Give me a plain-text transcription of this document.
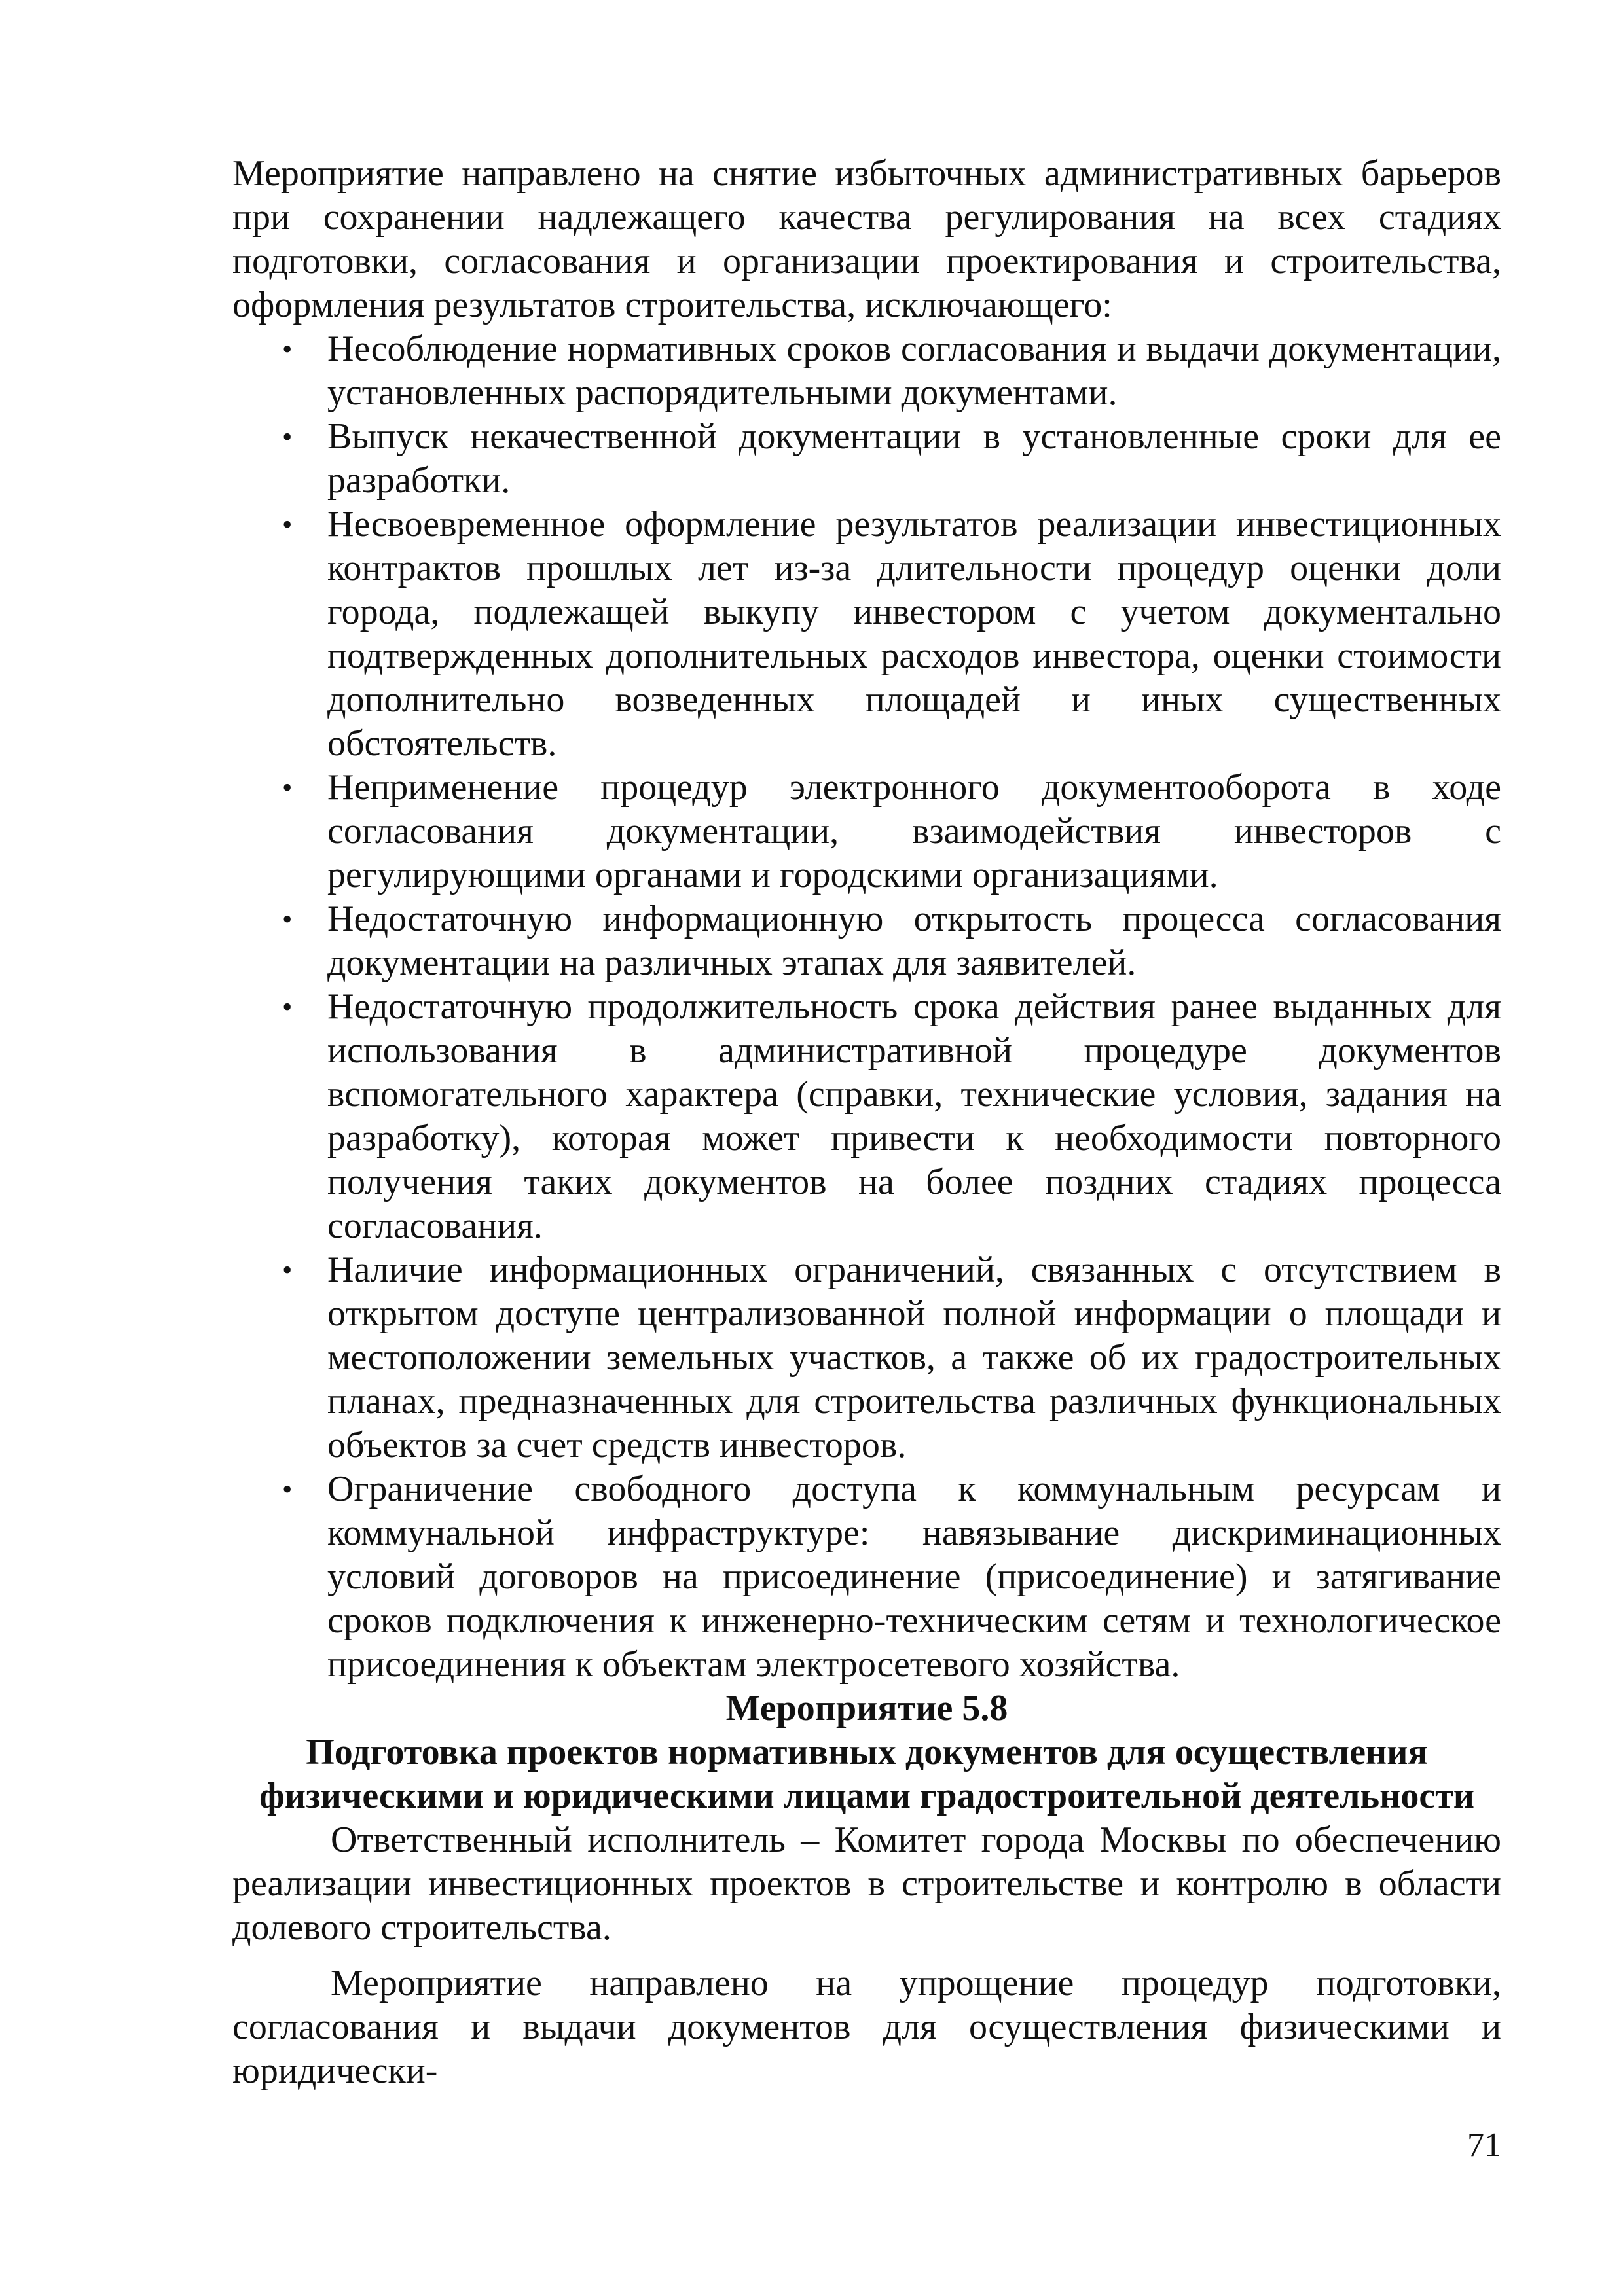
Мероприятие направлено на снятие избыточных административных барьеров при сохранении надлежащего качества регулирования на всех стадиях подготовки, согласования и организации проектирования и строительства, оформления результатов строительства, исключающего:

• Несоблюдение нормативных сроков согласования и выдачи документации, установленных распорядительными документами.
• Выпуск некачественной документации в установленные сроки для ее разработки.
• Несвоевременное оформление результатов реализации инвестиционных контрактов прошлых лет из-за длительности процедур оценки доли города, подлежащей выкупу инвестором с учетом документально подтвержденных дополнительных расходов инвестора, оценки стоимости дополнительно возведенных площадей и иных существенных обстоятельств.
• Неприменение процедур электронного документооборота в ходе согласования документации, взаимодействия инвесторов с регулирующими органами и городскими организациями.
• Недостаточную информационную открытость процесса согласования документации на различных этапах для заявителей.
• Недостаточную продолжительность срока действия ранее выданных для использования в административной процедуре документов вспомогательного характера (справки, технические условия, задания на разработку), которая может привести к необходимости повторного получения таких документов на более поздних стадиях процесса согласования.
• Наличие информационных ограничений, связанных с отсутствием в открытом доступе централизованной полной информации о площади и местоположении земельных участков, а также об их градостроительных планах, предназначенных для строительства различных функциональных объектов за счет средств инвесторов.
• Ограничение свободного доступа к коммунальным ресурсам и коммунальной инфраструктуре: навязывание дискриминационных условий договоров на присоединение (присоединение) и затягивание сроков подключения к инженерно-техническим сетям и технологическое присоединения к объектам электросетевого хозяйства.

Мероприятие 5.8

Подготовка проектов нормативных документов для осуществления физическими и юридическими лицами градостроительной деятельности

Ответственный исполнитель – Комитет города Москвы по обеспечению реализации инвестиционных проектов в строительстве и контролю в области долевого строительства.

Мероприятие направлено на упрощение процедур подготовки, согласования и выдачи документов для осуществления физическими и юридически-

71
